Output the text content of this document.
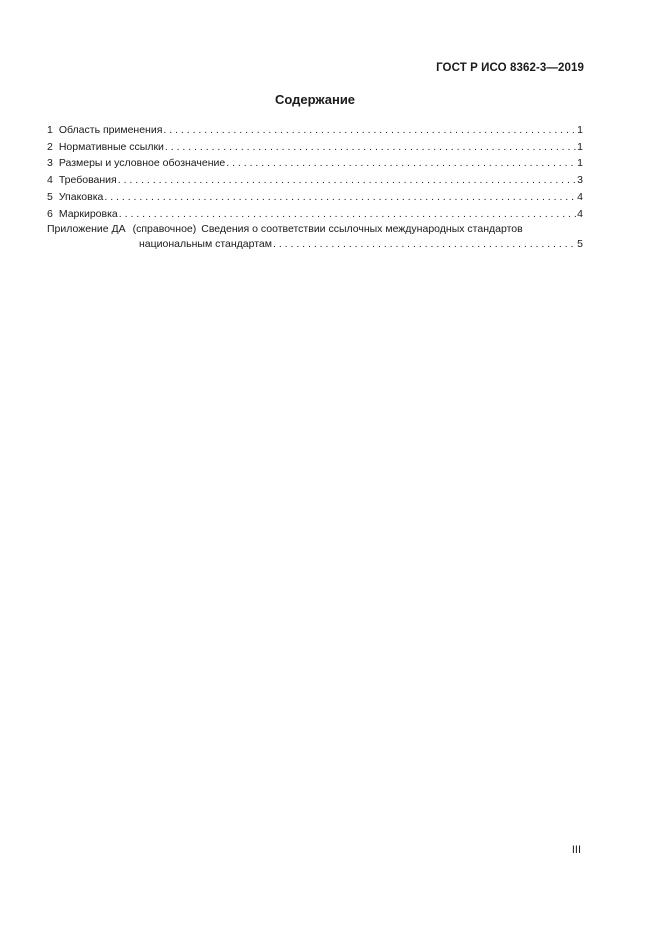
ГОСТ Р ИСО 8362-3—2019
Содержание
1 Область применения . . .	1
2 Нормативные ссылки . . .	1
3 Размеры и условное обозначение . . .	1
4 Требования . . .	3
5 Упаковка . . .	4
6 Маркировка . . .	4
Приложение ДА (справочное) Сведения о соответствии ссылочных международных стандартов
национальным стандартам . . .	5
III
